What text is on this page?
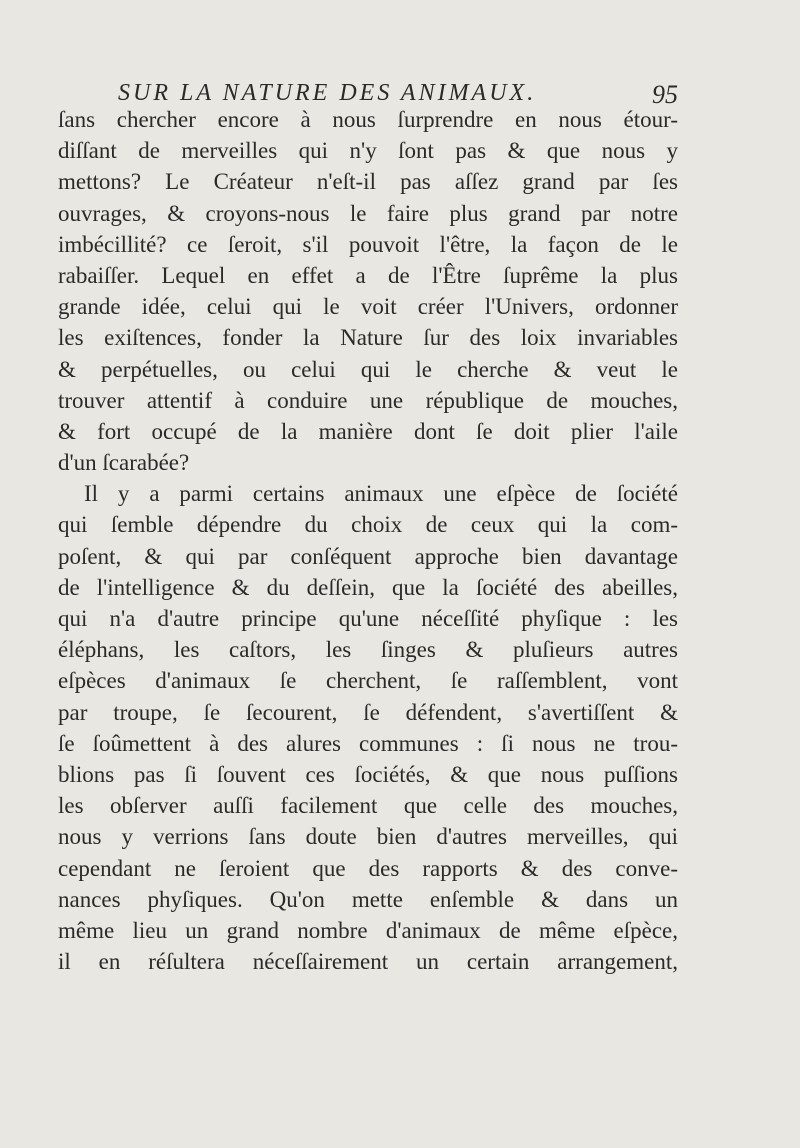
SUR LA NATURE DES ANIMAUX.	95
ſans chercher encore à nous ſurprendre en nous étour-
diſſant de merveilles qui n'y ſont pas & que nous y
mettons? Le Créateur n'eſt-il pas aſſez grand par ſes
ouvrages, & croyons-nous le faire plus grand par notre
imbécillité? ce ſeroit, s'il pouvoit l'être, la façon de le
rabaiſſer. Lequel en effet a de l'Être ſuprême la plus
grande idée, celui qui le voit créer l'Univers, ordonner
les exiſtences, fonder la Nature ſur des loix invariables
& perpétuelles, ou celui qui le cherche & veut le
trouver attentif à conduire une république de mouches,
& fort occupé de la manière dont ſe doit plier l'aile
d'un ſcarabée?
Il y a parmi certains animaux une eſpèce de ſociété
qui ſemble dépendre du choix de ceux qui la com-
poſent, & qui par conſéquent approche bien davantage
de l'intelligence & du deſſein, que la ſociété des abeilles,
qui n'a d'autre principe qu'une néceſſité phyſique : les
éléphans, les caſtors, les ſinges & pluſieurs autres
eſpèces d'animaux ſe cherchent, ſe raſſemblent, vont
par troupe, ſe ſecourent, ſe défendent, s'avertiſſent &
ſe ſoûmettent à des alures communes : ſi nous ne trou-
blions pas ſi ſouvent ces ſociétés, & que nous puſſions
les obſerver auſſi facilement que celle des mouches,
nous y verrions ſans doute bien d'autres merveilles, qui
cependant ne ſeroient que des rapports & des conve-
nances phyſiques. Qu'on mette enſemble & dans un
même lieu un grand nombre d'animaux de même eſpèce,
il en réſultera néceſſairement un certain arrangement,
